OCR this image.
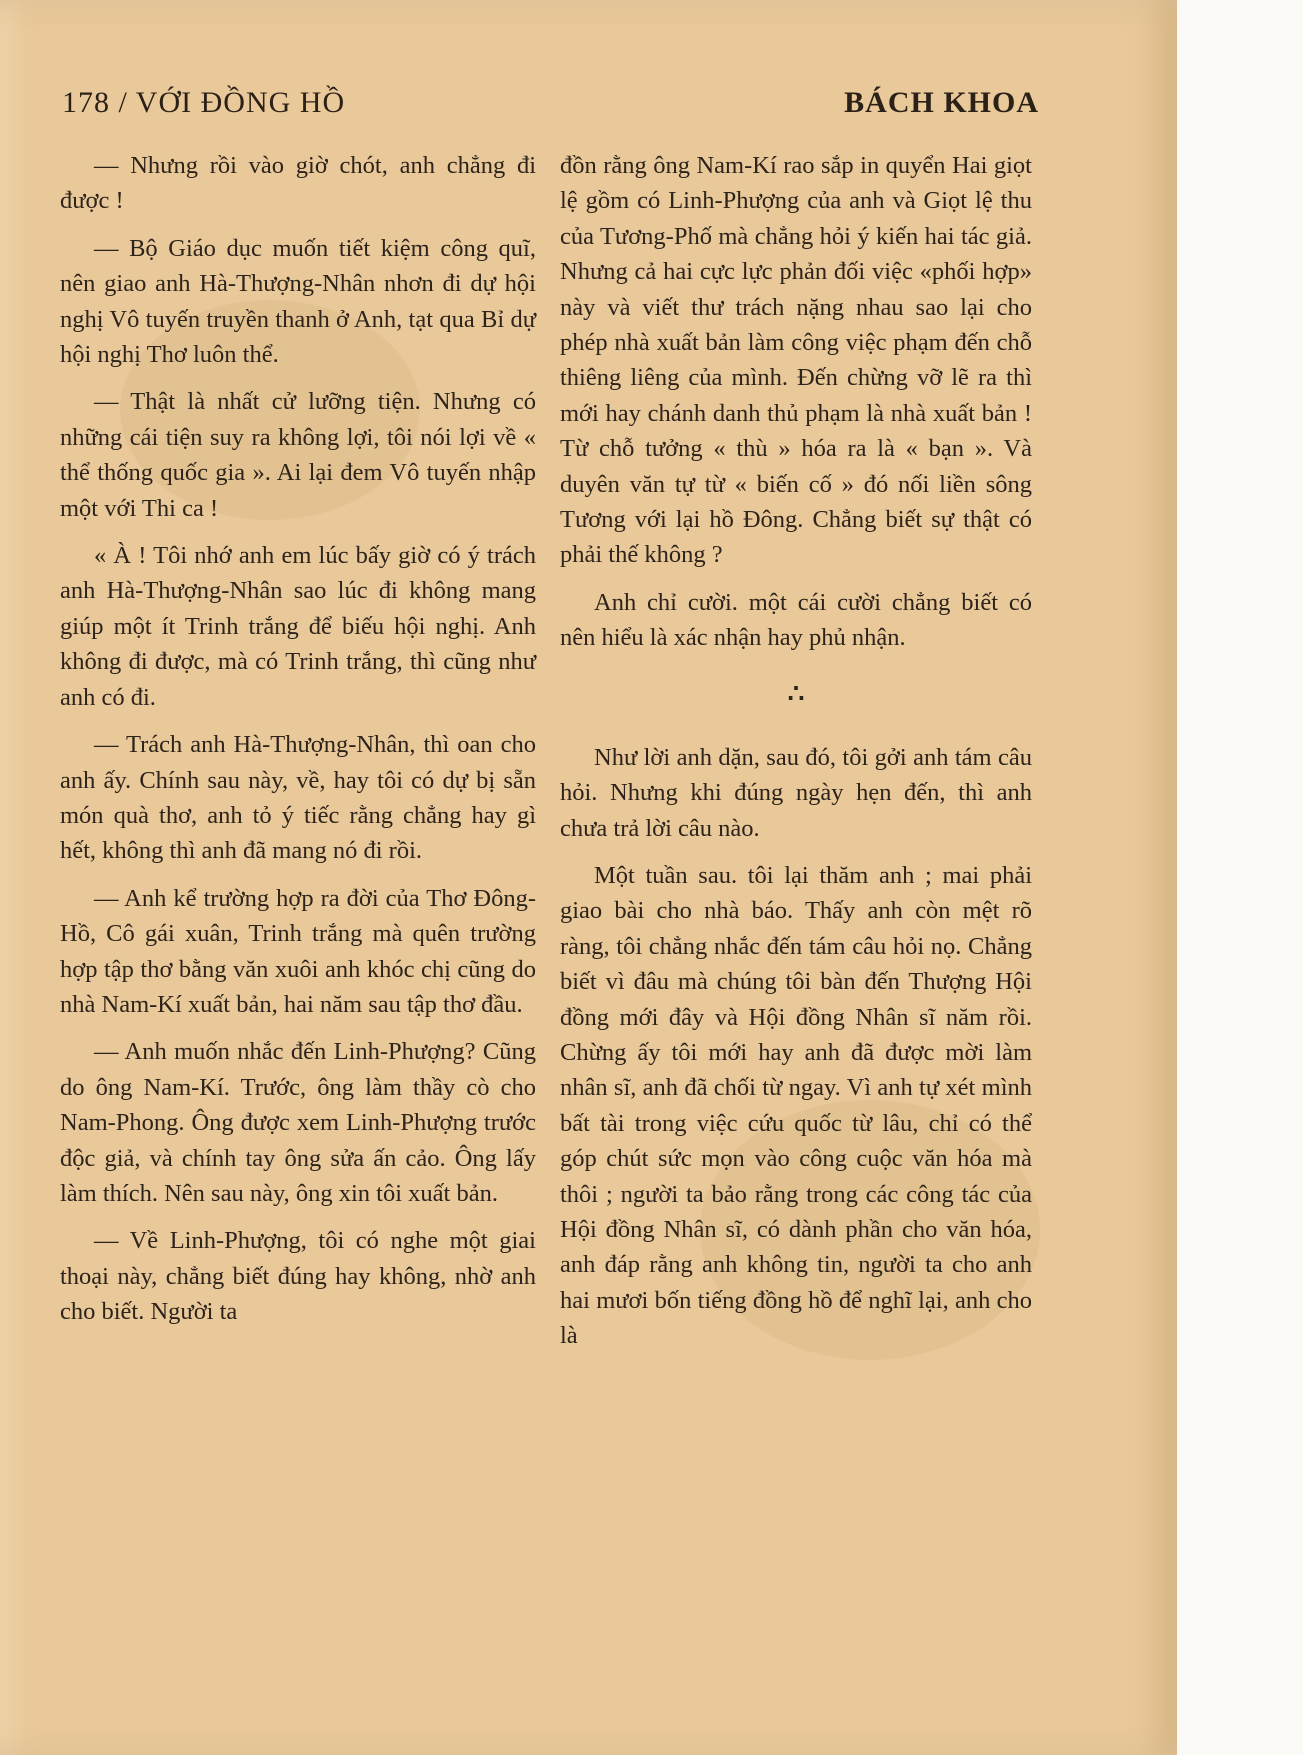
178 / VỚI ĐỒNG HỒ	BÁCH KHOA

— Nhưng rồi vào giờ chót, anh chẳng đi được !

— Bộ Giáo dục muốn tiết kiệm công quĩ, nên giao anh Hà-Thượng-Nhân nhơn đi dự hội nghị Vô tuyến truyền thanh ở Anh, tạt qua Bỉ dự hội nghị Thơ luôn thể.

— Thật là nhất cử lưỡng tiện. Nhưng có những cái tiện suy ra không lợi, tôi nói lợi về « thể thống quốc gia ». Ai lại đem Vô tuyến nhập một với Thi ca !

« À ! Tôi nhớ anh em lúc bấy giờ có ý trách anh Hà-Thượng-Nhân sao lúc đi không mang giúp một ít Trinh trắng để biếu hội nghị. Anh không đi được, mà có Trinh trắng, thì cũng như anh có đi.

— Trách anh Hà-Thượng-Nhân, thì oan cho anh ấy. Chính sau này, về, hay tôi có dự bị sẵn món quà thơ, anh tỏ ý tiếc rằng chẳng hay gì hết, không thì anh đã mang nó đi rồi.

— Anh kể trường hợp ra đời của Thơ Đông-Hồ, Cô gái xuân, Trinh trắng mà quên trường hợp tập thơ bằng văn xuôi anh khóc chị cũng do nhà Nam-Kí xuất bản, hai năm sau tập thơ đầu.

— Anh muốn nhắc đến Linh-Phượng? Cũng do ông Nam-Kí. Trước, ông làm thầy cò cho Nam-Phong. Ông được xem Linh-Phượng trước độc giả, và chính tay ông sửa ấn cảo. Ông lấy làm thích. Nên sau này, ông xin tôi xuất bản.

— Về Linh-Phượng, tôi có nghe một giai thoại này, chẳng biết đúng hay không, nhờ anh cho biết. Người ta

đồn rằng ông Nam-Kí rao sắp in quyển Hai giọt lệ gồm có Linh-Phượng của anh và Giọt lệ thu của Tương-Phố mà chẳng hỏi ý kiến hai tác giả. Nhưng cả hai cực lực phản đối việc «phối hợp» này và viết thư trách nặng nhau sao lại cho phép nhà xuất bản làm công việc phạm đến chỗ thiêng liêng của mình. Đến chừng vỡ lẽ ra thì mới hay chánh danh thủ phạm là nhà xuất bản ! Từ chỗ tưởng « thù » hóa ra là « bạn ». Và duyên văn tự từ « biến cố » đó nối liền sông Tương với lại hồ Đông. Chẳng biết sự thật có phải thế không ?

Anh chỉ cười. một cái cười chẳng biết có nên hiểu là xác nhận hay phủ nhận.

∴

Như lời anh dặn, sau đó, tôi gởi anh tám câu hỏi. Nhưng khi đúng ngày hẹn đến, thì anh chưa trả lời câu nào.

Một tuần sau. tôi lại thăm anh ; mai phải giao bài cho nhà báo. Thấy anh còn mệt rõ ràng, tôi chẳng nhắc đến tám câu hỏi nọ. Chẳng biết vì đâu mà chúng tôi bàn đến Thượng Hội đồng mới đây và Hội đồng Nhân sĩ năm rồi. Chừng ấy tôi mới hay anh đã được mời làm nhân sĩ, anh đã chối từ ngay. Vì anh tự xét mình bất tài trong việc cứu quốc từ lâu, chỉ có thể góp chút sức mọn vào công cuộc văn hóa mà thôi ; người ta bảo rằng trong các công tác của Hội đồng Nhân sĩ, có dành phần cho văn hóa, anh đáp rằng anh không tin, người ta cho anh hai mươi bốn tiếng đồng hồ để nghĩ lại, anh cho là
